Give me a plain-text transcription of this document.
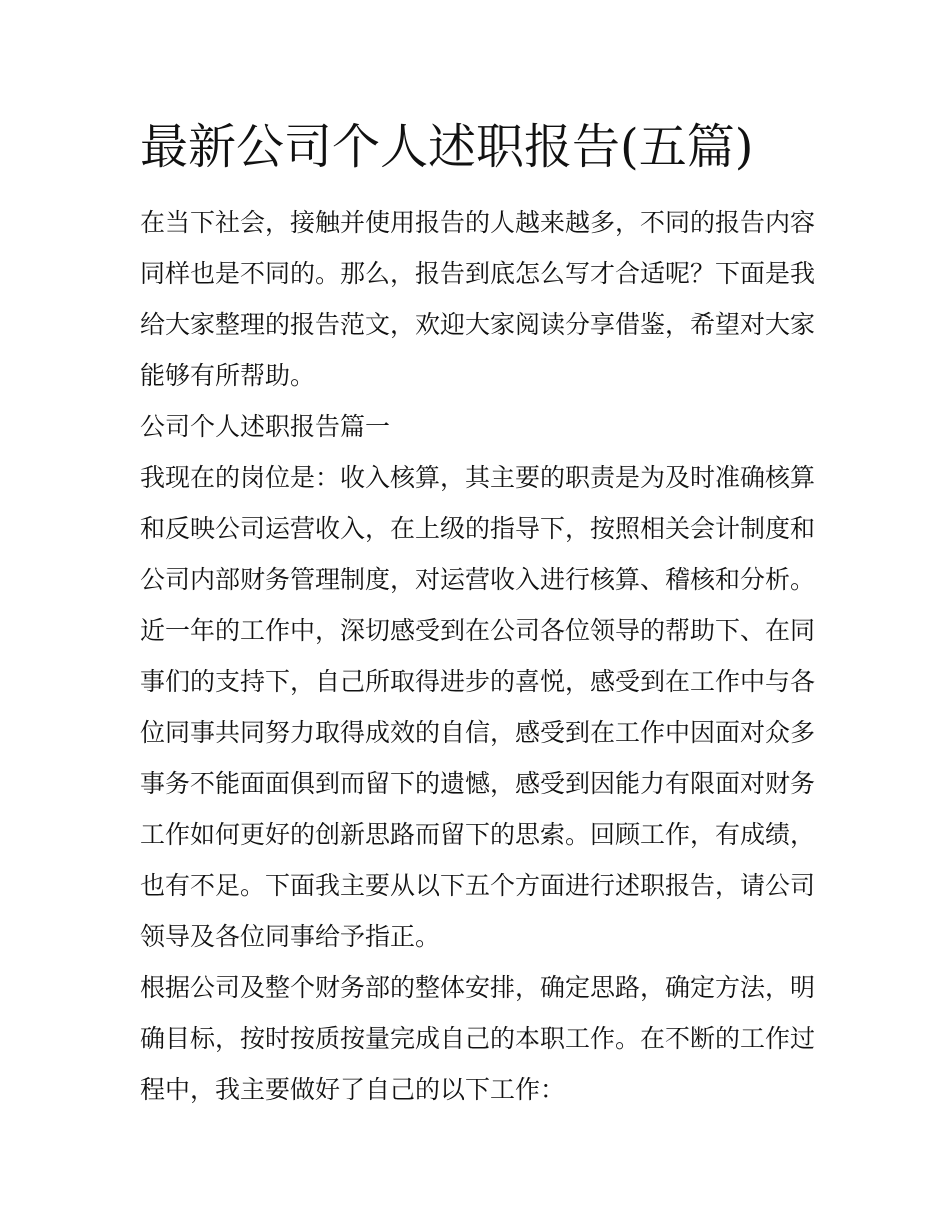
最新公司个人述职报告(五篇)

在当下社会，接触并使用报告的人越来越多，不同的报告内容

同样也是不同的。那么，报告到底怎么写才合适呢？下面是我

给大家整理的报告范文，欢迎大家阅读分享借鉴，希望对大家

能够有所帮助。

公司个人述职报告篇一

我现在的岗位是：收入核算，其主要的职责是为及时准确核算

和反映公司运营收入，在上级的指导下，按照相关会计制度和

公司内部财务管理制度，对运营收入进行核算、稽核和分析。

近一年的工作中，深切感受到在公司各位领导的帮助下、在同

事们的支持下，自己所取得进步的喜悦，感受到在工作中与各

位同事共同努力取得成效的自信，感受到在工作中因面对众多

事务不能面面俱到而留下的遗憾，感受到因能力有限面对财务

工作如何更好的创新思路而留下的思索。回顾工作，有成绩，

也有不足。下面我主要从以下五个方面进行述职报告，请公司

领导及各位同事给予指正。

根据公司及整个财务部的整体安排，确定思路，确定方法，明

确目标，按时按质按量完成自己的本职工作。在不断的工作过

程中，我主要做好了自己的以下工作：
